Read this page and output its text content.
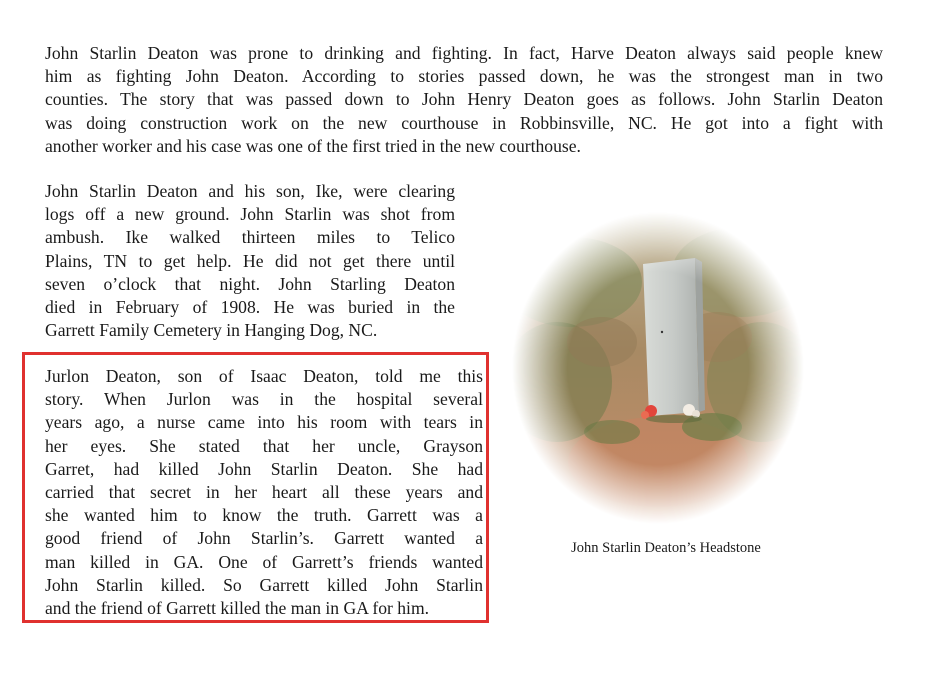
John Starlin Deaton was prone to drinking and fighting. In fact, Harve Deaton always said people knew
him as fighting John Deaton. According to stories passed down, he was the strongest man in two
counties. The story that was passed down to John Henry Deaton goes as follows. John Starlin Deaton
was doing construction work on the new courthouse in Robbinsville, NC. He got into a fight with
another worker and his case was one of the first tried in the new courthouse.

John Starlin Deaton and his son, Ike, were clearing
logs off a new ground. John Starlin was shot from
ambush. Ike walked thirteen miles to Telico
Plains, TN to get help. He did not get there until
seven o’clock that night. John Starling Deaton
died in February of 1908. He was buried in the
Garrett Family Cemetery in Hanging Dog, NC.

Jurlon Deaton, son of Isaac Deaton, told me this
story. When Jurlon was in the hospital several
years ago, a nurse came into his room with tears in
her eyes. She stated that her uncle, Grayson
Garret, had killed John Starlin Deaton. She had
carried that secret in her heart all these years and
she wanted him to know the truth. Garrett was a
good friend of John Starlin’s. Garrett wanted a
man killed in GA. One of Garrett’s friends wanted
John Starlin killed. So Garrett killed John Starlin
and the friend of Garrett killed the man in GA for him.

John Starlin Deaton’s Headstone
